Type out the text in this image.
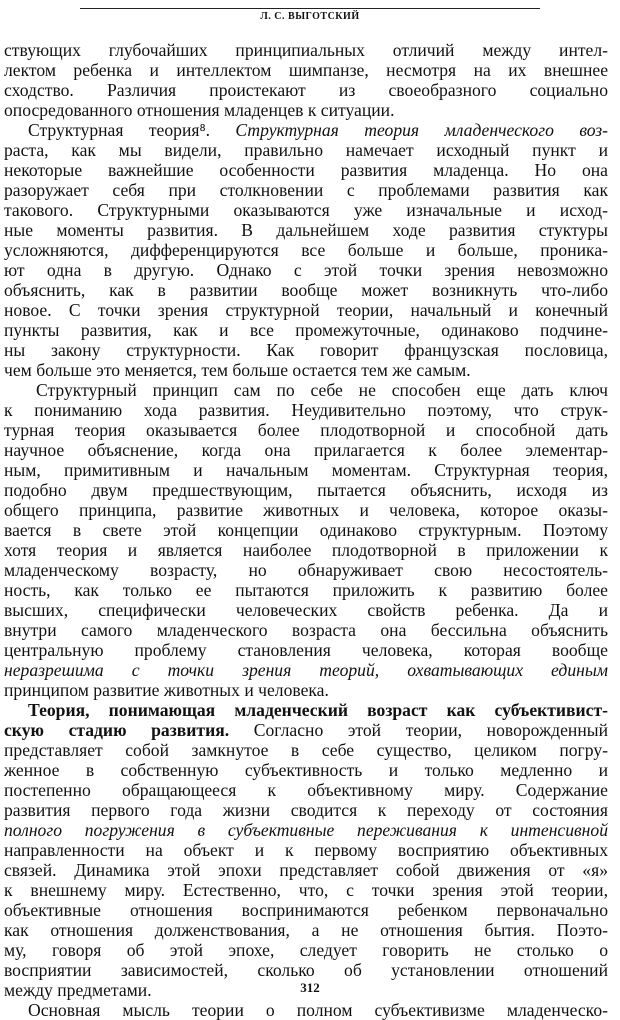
Л. С. ВЫГОТСКИЙ
ствующих глубочайших принципиальных отличий между интел-
лектом ребенка и интеллектом шимпанзе, несмотря на их внешнее
сходство. Различия проистекают из своеобразного социально
опосредованного отношения младенцев к ситуации.
Структурная теория⁸. Структурная теория младенческого воз-
раста, как мы видели, правильно намечает исходный пункт и
некоторые важнейшие особенности развития младенца. Но она
разоружает себя при столкновении с проблемами развития как
такового. Структурными оказываются уже изначальные и исход-
ные моменты развития. В дальнейшем ходе развития стуктуры
усложняются, дифференцируются все больше и больше, проника-
ют одна в другую. Однако с этой точки зрения невозможно
объяснить, как в развитии вообще может возникнуть что-либо
новое. С точки зрения структурной теории, начальный и конечный
пункты развития, как и все промежуточные, одинаково подчине-
ны закону структурности. Как говорит французская пословица,
чем больше это меняется, тем больше остается тем же самым.
Структурный принцип сам по себе не способен еще дать ключ
к пониманию хода развития. Неудивительно поэтому, что струк-
турная теория оказывается более плодотворной и способной дать
научное объяснение, когда она прилагается к более элементар-
ным, примитивным и начальным моментам. Структурная теория,
подобно двум предшествующим, пытается объяснить, исходя из
общего принципа, развитие животных и человека, которое оказы-
вается в свете этой концепции одинаково структурным. Поэтому
хотя теория и является наиболее плодотворной в приложении к
младенческому возрасту, но обнаруживает свою несостоятель-
ность, как только ее пытаются приложить к развитию более
высших, специфически человеческих свойств ребенка. Да и
внутри самого младенческого возраста она бессильна объяснить
центральную проблему становления человека, которая вообще
неразрешима с точки зрения теорий, охватывающих единым
принципом развитие животных и человека.
Теория, понимающая младенческий возраст как субъективист-
скую стадию развития. Согласно этой теории, новорожденный
представляет собой замкнутое в себе существо, целиком погру-
женное в собственную субъективность и только медленно и
постепенно обращающееся к объективному миру. Содержание
развития первого года жизни сводится к переходу от состояния
полного погружения в субъективные переживания к интенсивной
направленности на объект и к первому восприятию объективных
связей. Динамика этой эпохи представляет собой движения от «я»
к внешнему миру. Естественно, что, с точки зрения этой теории,
объективные отношения воспринимаются ребенком первоначально
как отношения долженствования, а не отношения бытия. Поэто-
му, говоря об этой эпохе, следует говорить не столько о
восприятии зависимостей, сколько об установлении отношений
между предметами.
Основная мысль теории о полном субъективизме младенческо-
312
